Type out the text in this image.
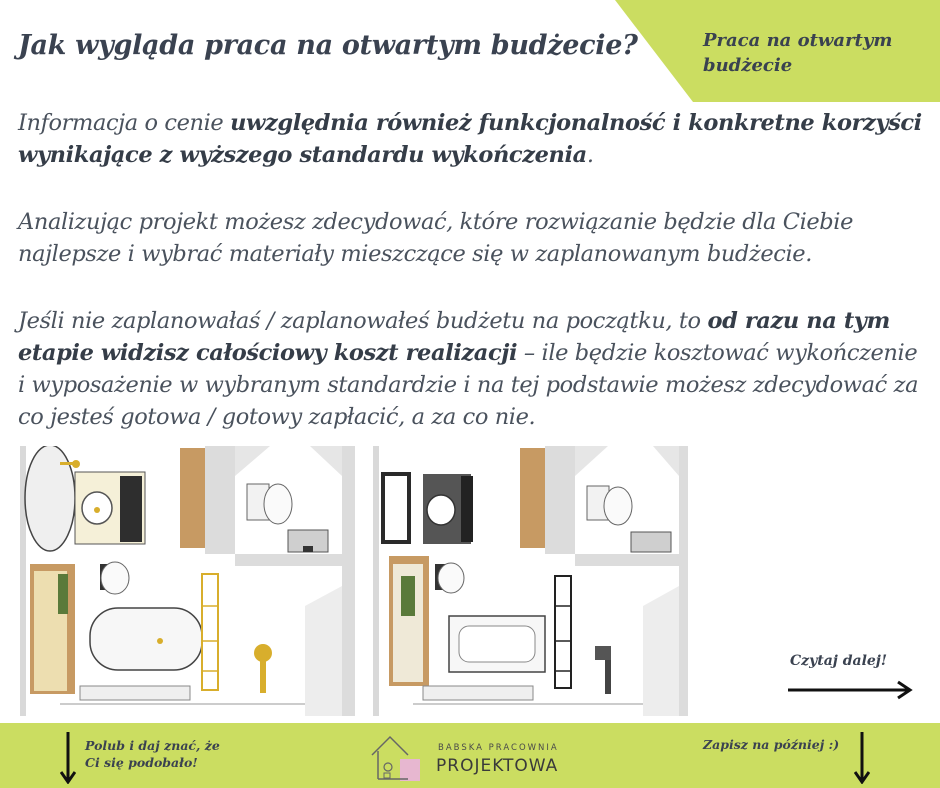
Praca na otwartym budżecie
Jak wygląda praca na otwartym budżecie?
Informacja o cenie uwzględnia również funkcjonalność i konkretne korzyści wynikające z wyższego standardu wykończenia.
Analizując projekt możesz zdecydować, które rozwiązanie będzie dla Ciebie najlepsze i wybrać materiały mieszczące się w zaplanowanym budżecie.
Jeśli nie zaplanowałaś / zaplanowałeś budżetu na początku, to od razu na tym etapie widzisz całościowy koszt realizacji – ile będzie kosztować wykończenie i wyposażenie w wybranym standardzie i na tej podstawie możesz zdecydować za co jesteś gotowa / gotowy zapłacić, a za co nie.
Czytaj dalej!
Polub i daj znać, że Ci się podobało!
BABSKA PRACOWNIA
PROJEKTOWA
Zapisz na później :)
